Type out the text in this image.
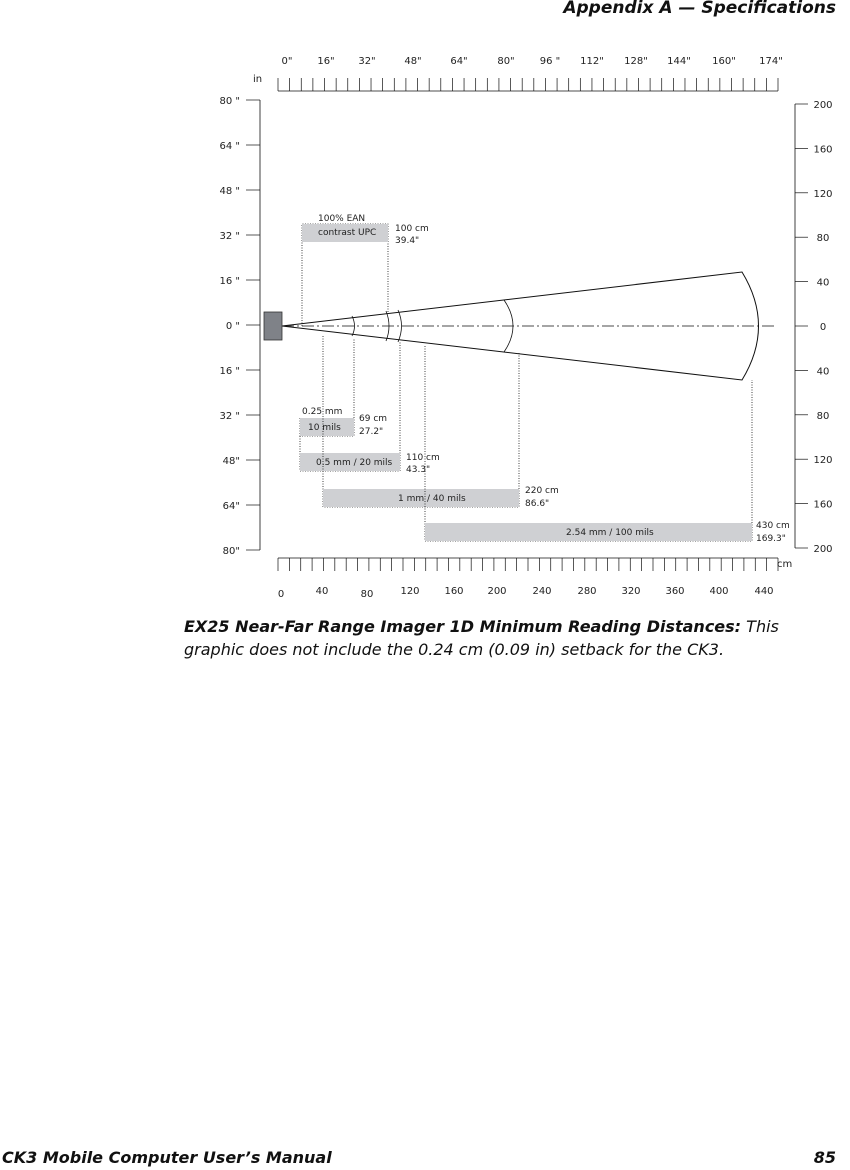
Appendix A — Specifications
0" 16" 32"	48"	64"	80"	96 " 112" 128" 144" 160" 174"
0	40	80	120 160 200	240	280 320 360 400	440
80 "
64 "
48 "
32 "
16 "
0 "
16 "
32 "
48"
64"
80"
200
160
120
80
40
0
40
80
120
160
200
in
cm
100% EAN
contrast UPC 100 cm
39.4"
0.25 mm
10 mils
69 cm
27.2"
0.5 mm / 20 mils 110 cm
43.3"
1 mm / 40 mils
220 cm
86.6"
2.54 mm / 100 mils
430 cm
169.3"
EX25 Near-Far Range Imager 1D Minimum Reading Distances: This graphic does not include the 0.24 cm (0.09 in) setback for the CK3.
CK3 Mobile Computer User’s Manual	85
